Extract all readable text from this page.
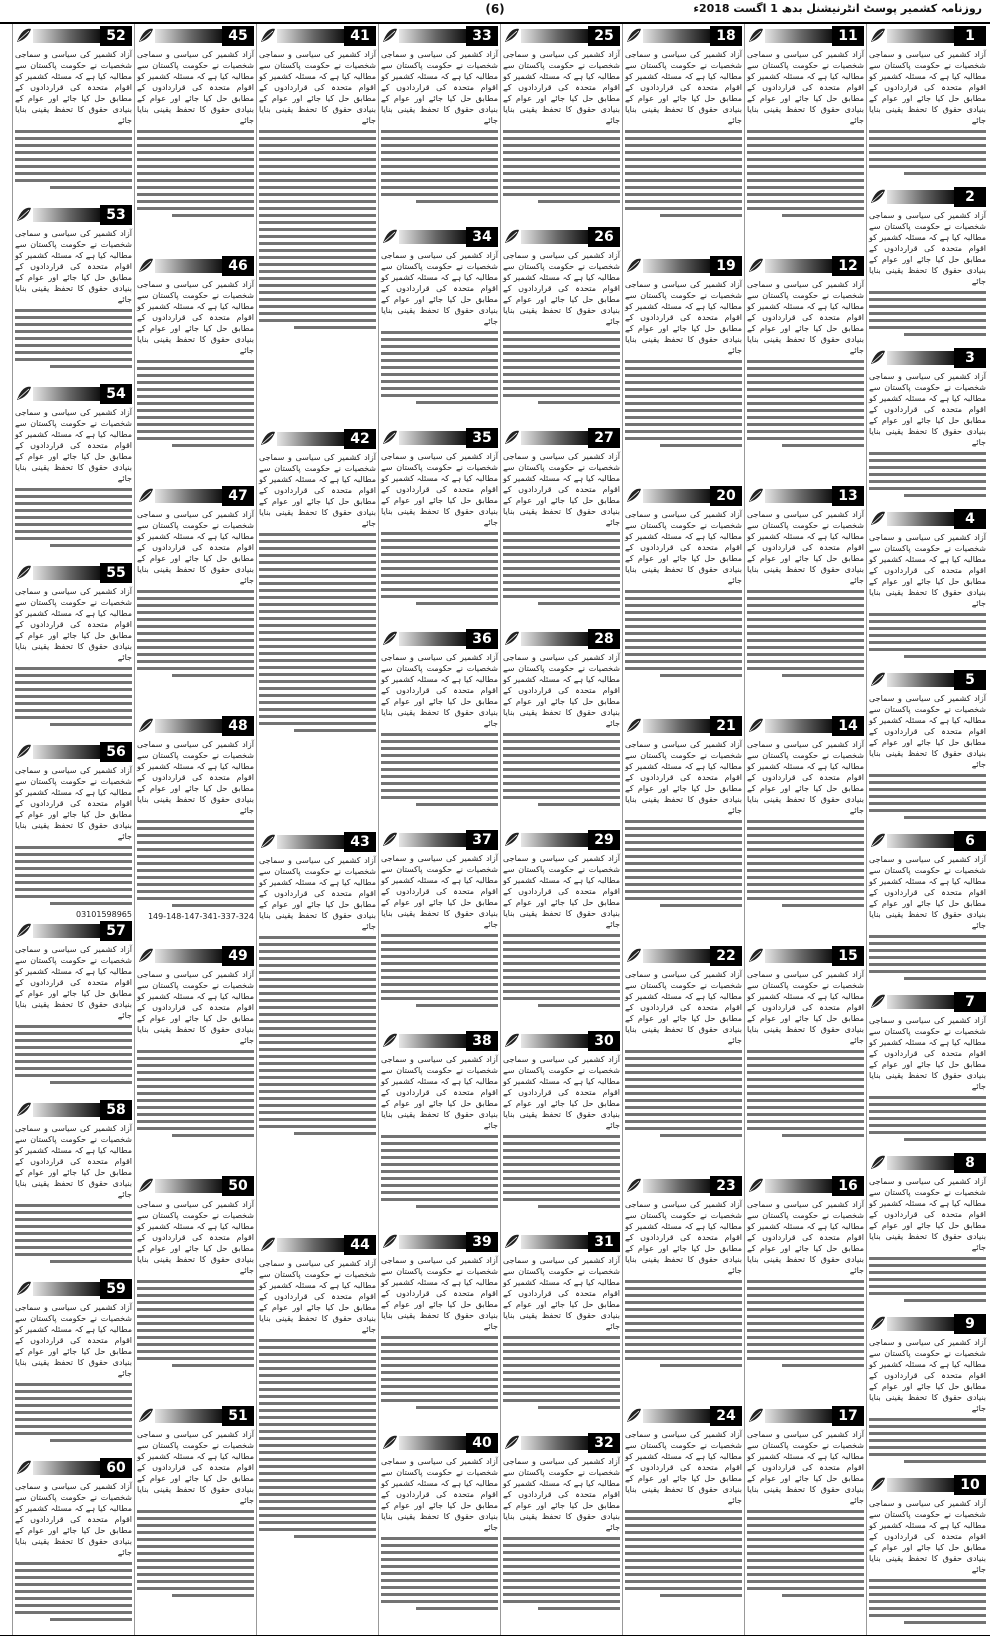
(6)	روزنامہ کشمیر پوسٹ انٹرنیشنل بدھ 1 اگست 2018ء
1
آزاد کشمیر کی سیاسی و سماجی شخصیات نے حکومت پاکستان سے مطالبہ کیا ہے کہ مسئلہ کشمیر کو اقوام متحدہ کی قراردادوں کے مطابق حل کیا جائے اور عوام کے بنیادی حقوق کا تحفظ یقینی بنایا جائے
2
آزاد کشمیر کی سیاسی و سماجی شخصیات نے حکومت پاکستان سے مطالبہ کیا ہے کہ مسئلہ کشمیر کو اقوام متحدہ کی قراردادوں کے مطابق حل کیا جائے اور عوام کے بنیادی حقوق کا تحفظ یقینی بنایا جائے
3
آزاد کشمیر کی سیاسی و سماجی شخصیات نے حکومت پاکستان سے مطالبہ کیا ہے کہ مسئلہ کشمیر کو اقوام متحدہ کی قراردادوں کے مطابق حل کیا جائے اور عوام کے بنیادی حقوق کا تحفظ یقینی بنایا جائے
4
آزاد کشمیر کی سیاسی و سماجی شخصیات نے حکومت پاکستان سے مطالبہ کیا ہے کہ مسئلہ کشمیر کو اقوام متحدہ کی قراردادوں کے مطابق حل کیا جائے اور عوام کے بنیادی حقوق کا تحفظ یقینی بنایا جائے
5
آزاد کشمیر کی سیاسی و سماجی شخصیات نے حکومت پاکستان سے مطالبہ کیا ہے کہ مسئلہ کشمیر کو اقوام متحدہ کی قراردادوں کے مطابق حل کیا جائے اور عوام کے بنیادی حقوق کا تحفظ یقینی بنایا جائے
6
آزاد کشمیر کی سیاسی و سماجی شخصیات نے حکومت پاکستان سے مطالبہ کیا ہے کہ مسئلہ کشمیر کو اقوام متحدہ کی قراردادوں کے مطابق حل کیا جائے اور عوام کے بنیادی حقوق کا تحفظ یقینی بنایا جائے
7
آزاد کشمیر کی سیاسی و سماجی شخصیات نے حکومت پاکستان سے مطالبہ کیا ہے کہ مسئلہ کشمیر کو اقوام متحدہ کی قراردادوں کے مطابق حل کیا جائے اور عوام کے بنیادی حقوق کا تحفظ یقینی بنایا جائے
8
آزاد کشمیر کی سیاسی و سماجی شخصیات نے حکومت پاکستان سے مطالبہ کیا ہے کہ مسئلہ کشمیر کو اقوام متحدہ کی قراردادوں کے مطابق حل کیا جائے اور عوام کے بنیادی حقوق کا تحفظ یقینی بنایا جائے
9
آزاد کشمیر کی سیاسی و سماجی شخصیات نے حکومت پاکستان سے مطالبہ کیا ہے کہ مسئلہ کشمیر کو اقوام متحدہ کی قراردادوں کے مطابق حل کیا جائے اور عوام کے بنیادی حقوق کا تحفظ یقینی بنایا جائے
10
آزاد کشمیر کی سیاسی و سماجی شخصیات نے حکومت پاکستان سے مطالبہ کیا ہے کہ مسئلہ کشمیر کو اقوام متحدہ کی قراردادوں کے مطابق حل کیا جائے اور عوام کے بنیادی حقوق کا تحفظ یقینی بنایا جائے
11
آزاد کشمیر کی سیاسی و سماجی شخصیات نے حکومت پاکستان سے مطالبہ کیا ہے کہ مسئلہ کشمیر کو اقوام متحدہ کی قراردادوں کے مطابق حل کیا جائے اور عوام کے بنیادی حقوق کا تحفظ یقینی بنایا جائے
12
آزاد کشمیر کی سیاسی و سماجی شخصیات نے حکومت پاکستان سے مطالبہ کیا ہے کہ مسئلہ کشمیر کو اقوام متحدہ کی قراردادوں کے مطابق حل کیا جائے اور عوام کے بنیادی حقوق کا تحفظ یقینی بنایا جائے
13
آزاد کشمیر کی سیاسی و سماجی شخصیات نے حکومت پاکستان سے مطالبہ کیا ہے کہ مسئلہ کشمیر کو اقوام متحدہ کی قراردادوں کے مطابق حل کیا جائے اور عوام کے بنیادی حقوق کا تحفظ یقینی بنایا جائے
14
آزاد کشمیر کی سیاسی و سماجی شخصیات نے حکومت پاکستان سے مطالبہ کیا ہے کہ مسئلہ کشمیر کو اقوام متحدہ کی قراردادوں کے مطابق حل کیا جائے اور عوام کے بنیادی حقوق کا تحفظ یقینی بنایا جائے
15
آزاد کشمیر کی سیاسی و سماجی شخصیات نے حکومت پاکستان سے مطالبہ کیا ہے کہ مسئلہ کشمیر کو اقوام متحدہ کی قراردادوں کے مطابق حل کیا جائے اور عوام کے بنیادی حقوق کا تحفظ یقینی بنایا جائے
16
آزاد کشمیر کی سیاسی و سماجی شخصیات نے حکومت پاکستان سے مطالبہ کیا ہے کہ مسئلہ کشمیر کو اقوام متحدہ کی قراردادوں کے مطابق حل کیا جائے اور عوام کے بنیادی حقوق کا تحفظ یقینی بنایا جائے
17
آزاد کشمیر کی سیاسی و سماجی شخصیات نے حکومت پاکستان سے مطالبہ کیا ہے کہ مسئلہ کشمیر کو اقوام متحدہ کی قراردادوں کے مطابق حل کیا جائے اور عوام کے بنیادی حقوق کا تحفظ یقینی بنایا جائے
18
آزاد کشمیر کی سیاسی و سماجی شخصیات نے حکومت پاکستان سے مطالبہ کیا ہے کہ مسئلہ کشمیر کو اقوام متحدہ کی قراردادوں کے مطابق حل کیا جائے اور عوام کے بنیادی حقوق کا تحفظ یقینی بنایا جائے
19
آزاد کشمیر کی سیاسی و سماجی شخصیات نے حکومت پاکستان سے مطالبہ کیا ہے کہ مسئلہ کشمیر کو اقوام متحدہ کی قراردادوں کے مطابق حل کیا جائے اور عوام کے بنیادی حقوق کا تحفظ یقینی بنایا جائے
20
آزاد کشمیر کی سیاسی و سماجی شخصیات نے حکومت پاکستان سے مطالبہ کیا ہے کہ مسئلہ کشمیر کو اقوام متحدہ کی قراردادوں کے مطابق حل کیا جائے اور عوام کے بنیادی حقوق کا تحفظ یقینی بنایا جائے
21
آزاد کشمیر کی سیاسی و سماجی شخصیات نے حکومت پاکستان سے مطالبہ کیا ہے کہ مسئلہ کشمیر کو اقوام متحدہ کی قراردادوں کے مطابق حل کیا جائے اور عوام کے بنیادی حقوق کا تحفظ یقینی بنایا جائے
22
آزاد کشمیر کی سیاسی و سماجی شخصیات نے حکومت پاکستان سے مطالبہ کیا ہے کہ مسئلہ کشمیر کو اقوام متحدہ کی قراردادوں کے مطابق حل کیا جائے اور عوام کے بنیادی حقوق کا تحفظ یقینی بنایا جائے
23
آزاد کشمیر کی سیاسی و سماجی شخصیات نے حکومت پاکستان سے مطالبہ کیا ہے کہ مسئلہ کشمیر کو اقوام متحدہ کی قراردادوں کے مطابق حل کیا جائے اور عوام کے بنیادی حقوق کا تحفظ یقینی بنایا جائے
24
آزاد کشمیر کی سیاسی و سماجی شخصیات نے حکومت پاکستان سے مطالبہ کیا ہے کہ مسئلہ کشمیر کو اقوام متحدہ کی قراردادوں کے مطابق حل کیا جائے اور عوام کے بنیادی حقوق کا تحفظ یقینی بنایا جائے
25
آزاد کشمیر کی سیاسی و سماجی شخصیات نے حکومت پاکستان سے مطالبہ کیا ہے کہ مسئلہ کشمیر کو اقوام متحدہ کی قراردادوں کے مطابق حل کیا جائے اور عوام کے بنیادی حقوق کا تحفظ یقینی بنایا جائے
26
آزاد کشمیر کی سیاسی و سماجی شخصیات نے حکومت پاکستان سے مطالبہ کیا ہے کہ مسئلہ کشمیر کو اقوام متحدہ کی قراردادوں کے مطابق حل کیا جائے اور عوام کے بنیادی حقوق کا تحفظ یقینی بنایا جائے
27
آزاد کشمیر کی سیاسی و سماجی شخصیات نے حکومت پاکستان سے مطالبہ کیا ہے کہ مسئلہ کشمیر کو اقوام متحدہ کی قراردادوں کے مطابق حل کیا جائے اور عوام کے بنیادی حقوق کا تحفظ یقینی بنایا جائے
28
آزاد کشمیر کی سیاسی و سماجی شخصیات نے حکومت پاکستان سے مطالبہ کیا ہے کہ مسئلہ کشمیر کو اقوام متحدہ کی قراردادوں کے مطابق حل کیا جائے اور عوام کے بنیادی حقوق کا تحفظ یقینی بنایا جائے
29
آزاد کشمیر کی سیاسی و سماجی شخصیات نے حکومت پاکستان سے مطالبہ کیا ہے کہ مسئلہ کشمیر کو اقوام متحدہ کی قراردادوں کے مطابق حل کیا جائے اور عوام کے بنیادی حقوق کا تحفظ یقینی بنایا جائے
30
آزاد کشمیر کی سیاسی و سماجی شخصیات نے حکومت پاکستان سے مطالبہ کیا ہے کہ مسئلہ کشمیر کو اقوام متحدہ کی قراردادوں کے مطابق حل کیا جائے اور عوام کے بنیادی حقوق کا تحفظ یقینی بنایا جائے
31
آزاد کشمیر کی سیاسی و سماجی شخصیات نے حکومت پاکستان سے مطالبہ کیا ہے کہ مسئلہ کشمیر کو اقوام متحدہ کی قراردادوں کے مطابق حل کیا جائے اور عوام کے بنیادی حقوق کا تحفظ یقینی بنایا جائے
32
آزاد کشمیر کی سیاسی و سماجی شخصیات نے حکومت پاکستان سے مطالبہ کیا ہے کہ مسئلہ کشمیر کو اقوام متحدہ کی قراردادوں کے مطابق حل کیا جائے اور عوام کے بنیادی حقوق کا تحفظ یقینی بنایا جائے
33
آزاد کشمیر کی سیاسی و سماجی شخصیات نے حکومت پاکستان سے مطالبہ کیا ہے کہ مسئلہ کشمیر کو اقوام متحدہ کی قراردادوں کے مطابق حل کیا جائے اور عوام کے بنیادی حقوق کا تحفظ یقینی بنایا جائے
34
آزاد کشمیر کی سیاسی و سماجی شخصیات نے حکومت پاکستان سے مطالبہ کیا ہے کہ مسئلہ کشمیر کو اقوام متحدہ کی قراردادوں کے مطابق حل کیا جائے اور عوام کے بنیادی حقوق کا تحفظ یقینی بنایا جائے
35
آزاد کشمیر کی سیاسی و سماجی شخصیات نے حکومت پاکستان سے مطالبہ کیا ہے کہ مسئلہ کشمیر کو اقوام متحدہ کی قراردادوں کے مطابق حل کیا جائے اور عوام کے بنیادی حقوق کا تحفظ یقینی بنایا جائے
36
آزاد کشمیر کی سیاسی و سماجی شخصیات نے حکومت پاکستان سے مطالبہ کیا ہے کہ مسئلہ کشمیر کو اقوام متحدہ کی قراردادوں کے مطابق حل کیا جائے اور عوام کے بنیادی حقوق کا تحفظ یقینی بنایا جائے
37
آزاد کشمیر کی سیاسی و سماجی شخصیات نے حکومت پاکستان سے مطالبہ کیا ہے کہ مسئلہ کشمیر کو اقوام متحدہ کی قراردادوں کے مطابق حل کیا جائے اور عوام کے بنیادی حقوق کا تحفظ یقینی بنایا جائے
38
آزاد کشمیر کی سیاسی و سماجی شخصیات نے حکومت پاکستان سے مطالبہ کیا ہے کہ مسئلہ کشمیر کو اقوام متحدہ کی قراردادوں کے مطابق حل کیا جائے اور عوام کے بنیادی حقوق کا تحفظ یقینی بنایا جائے
39
آزاد کشمیر کی سیاسی و سماجی شخصیات نے حکومت پاکستان سے مطالبہ کیا ہے کہ مسئلہ کشمیر کو اقوام متحدہ کی قراردادوں کے مطابق حل کیا جائے اور عوام کے بنیادی حقوق کا تحفظ یقینی بنایا جائے
40
آزاد کشمیر کی سیاسی و سماجی شخصیات نے حکومت پاکستان سے مطالبہ کیا ہے کہ مسئلہ کشمیر کو اقوام متحدہ کی قراردادوں کے مطابق حل کیا جائے اور عوام کے بنیادی حقوق کا تحفظ یقینی بنایا جائے
41
آزاد کشمیر کی سیاسی و سماجی شخصیات نے حکومت پاکستان سے مطالبہ کیا ہے کہ مسئلہ کشمیر کو اقوام متحدہ کی قراردادوں کے مطابق حل کیا جائے اور عوام کے بنیادی حقوق کا تحفظ یقینی بنایا جائے
42
آزاد کشمیر کی سیاسی و سماجی شخصیات نے حکومت پاکستان سے مطالبہ کیا ہے کہ مسئلہ کشمیر کو اقوام متحدہ کی قراردادوں کے مطابق حل کیا جائے اور عوام کے بنیادی حقوق کا تحفظ یقینی بنایا جائے
43
آزاد کشمیر کی سیاسی و سماجی شخصیات نے حکومت پاکستان سے مطالبہ کیا ہے کہ مسئلہ کشمیر کو اقوام متحدہ کی قراردادوں کے مطابق حل کیا جائے اور عوام کے بنیادی حقوق کا تحفظ یقینی بنایا جائے
44
آزاد کشمیر کی سیاسی و سماجی شخصیات نے حکومت پاکستان سے مطالبہ کیا ہے کہ مسئلہ کشمیر کو اقوام متحدہ کی قراردادوں کے مطابق حل کیا جائے اور عوام کے بنیادی حقوق کا تحفظ یقینی بنایا جائے
45
آزاد کشمیر کی سیاسی و سماجی شخصیات نے حکومت پاکستان سے مطالبہ کیا ہے کہ مسئلہ کشمیر کو اقوام متحدہ کی قراردادوں کے مطابق حل کیا جائے اور عوام کے بنیادی حقوق کا تحفظ یقینی بنایا جائے
46
آزاد کشمیر کی سیاسی و سماجی شخصیات نے حکومت پاکستان سے مطالبہ کیا ہے کہ مسئلہ کشمیر کو اقوام متحدہ کی قراردادوں کے مطابق حل کیا جائے اور عوام کے بنیادی حقوق کا تحفظ یقینی بنایا جائے
47
آزاد کشمیر کی سیاسی و سماجی شخصیات نے حکومت پاکستان سے مطالبہ کیا ہے کہ مسئلہ کشمیر کو اقوام متحدہ کی قراردادوں کے مطابق حل کیا جائے اور عوام کے بنیادی حقوق کا تحفظ یقینی بنایا جائے
48
آزاد کشمیر کی سیاسی و سماجی شخصیات نے حکومت پاکستان سے مطالبہ کیا ہے کہ مسئلہ کشمیر کو اقوام متحدہ کی قراردادوں کے مطابق حل کیا جائے اور عوام کے بنیادی حقوق کا تحفظ یقینی بنایا جائے
149-148-147-341-337-324
49
آزاد کشمیر کی سیاسی و سماجی شخصیات نے حکومت پاکستان سے مطالبہ کیا ہے کہ مسئلہ کشمیر کو اقوام متحدہ کی قراردادوں کے مطابق حل کیا جائے اور عوام کے بنیادی حقوق کا تحفظ یقینی بنایا جائے
50
آزاد کشمیر کی سیاسی و سماجی شخصیات نے حکومت پاکستان سے مطالبہ کیا ہے کہ مسئلہ کشمیر کو اقوام متحدہ کی قراردادوں کے مطابق حل کیا جائے اور عوام کے بنیادی حقوق کا تحفظ یقینی بنایا جائے
51
آزاد کشمیر کی سیاسی و سماجی شخصیات نے حکومت پاکستان سے مطالبہ کیا ہے کہ مسئلہ کشمیر کو اقوام متحدہ کی قراردادوں کے مطابق حل کیا جائے اور عوام کے بنیادی حقوق کا تحفظ یقینی بنایا جائے
52
آزاد کشمیر کی سیاسی و سماجی شخصیات نے حکومت پاکستان سے مطالبہ کیا ہے کہ مسئلہ کشمیر کو اقوام متحدہ کی قراردادوں کے مطابق حل کیا جائے اور عوام کے بنیادی حقوق کا تحفظ یقینی بنایا جائے
53
آزاد کشمیر کی سیاسی و سماجی شخصیات نے حکومت پاکستان سے مطالبہ کیا ہے کہ مسئلہ کشمیر کو اقوام متحدہ کی قراردادوں کے مطابق حل کیا جائے اور عوام کے بنیادی حقوق کا تحفظ یقینی بنایا جائے
54
آزاد کشمیر کی سیاسی و سماجی شخصیات نے حکومت پاکستان سے مطالبہ کیا ہے کہ مسئلہ کشمیر کو اقوام متحدہ کی قراردادوں کے مطابق حل کیا جائے اور عوام کے بنیادی حقوق کا تحفظ یقینی بنایا جائے
55
آزاد کشمیر کی سیاسی و سماجی شخصیات نے حکومت پاکستان سے مطالبہ کیا ہے کہ مسئلہ کشمیر کو اقوام متحدہ کی قراردادوں کے مطابق حل کیا جائے اور عوام کے بنیادی حقوق کا تحفظ یقینی بنایا جائے
56
آزاد کشمیر کی سیاسی و سماجی شخصیات نے حکومت پاکستان سے مطالبہ کیا ہے کہ مسئلہ کشمیر کو اقوام متحدہ کی قراردادوں کے مطابق حل کیا جائے اور عوام کے بنیادی حقوق کا تحفظ یقینی بنایا جائے
03101598965
57
آزاد کشمیر کی سیاسی و سماجی شخصیات نے حکومت پاکستان سے مطالبہ کیا ہے کہ مسئلہ کشمیر کو اقوام متحدہ کی قراردادوں کے مطابق حل کیا جائے اور عوام کے بنیادی حقوق کا تحفظ یقینی بنایا جائے
58
آزاد کشمیر کی سیاسی و سماجی شخصیات نے حکومت پاکستان سے مطالبہ کیا ہے کہ مسئلہ کشمیر کو اقوام متحدہ کی قراردادوں کے مطابق حل کیا جائے اور عوام کے بنیادی حقوق کا تحفظ یقینی بنایا جائے
59
آزاد کشمیر کی سیاسی و سماجی شخصیات نے حکومت پاکستان سے مطالبہ کیا ہے کہ مسئلہ کشمیر کو اقوام متحدہ کی قراردادوں کے مطابق حل کیا جائے اور عوام کے بنیادی حقوق کا تحفظ یقینی بنایا جائے
60
آزاد کشمیر کی سیاسی و سماجی شخصیات نے حکومت پاکستان سے مطالبہ کیا ہے کہ مسئلہ کشمیر کو اقوام متحدہ کی قراردادوں کے مطابق حل کیا جائے اور عوام کے بنیادی حقوق کا تحفظ یقینی بنایا جائے
